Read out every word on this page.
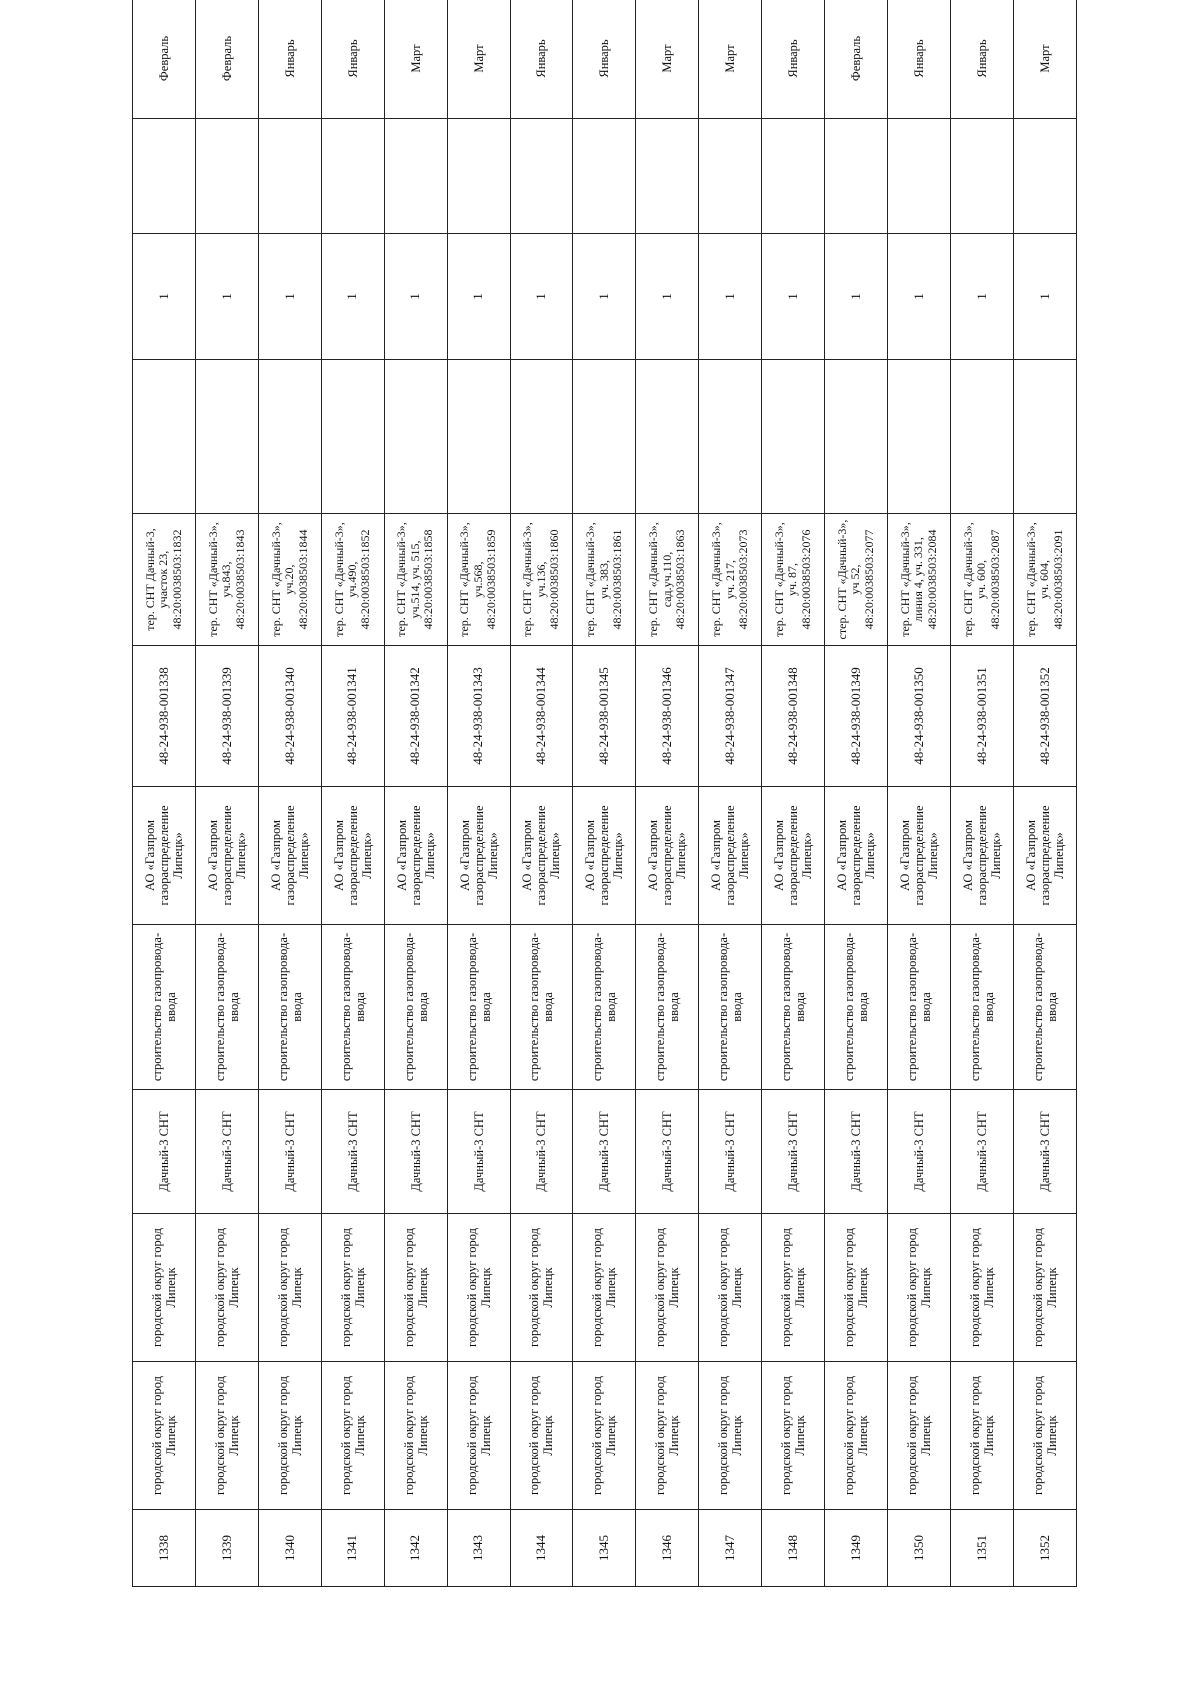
1338	городской округ город Липецк	городской округ город Липецк	Дачный-3 СНТ	строительство газопровода-ввода	АО «Газпром газораспределение Липецк»	48-24-938-001338	тер. СНТ Дачный-3, участок 23, 48:20:0038503:1832		1		Февраль	
1339	городской округ город Липецк	городской округ город Липецк	Дачный-3 СНТ	строительство газопровода-ввода	АО «Газпром газораспределение Липецк»	48-24-938-001339	тер. СНТ «Дачный-3», уч.843, 48:20:0038503:1843		1		Февраль	
1340	городской округ город Липецк	городской округ город Липецк	Дачный-3 СНТ	строительство газопровода-ввода	АО «Газпром газораспределение Липецк»	48-24-938-001340	тер. СНТ «Дачный-3», уч.20, 48:20:0038503:1844		1		Январь	
1341	городской округ город Липецк	городской округ город Липецк	Дачный-3 СНТ	строительство газопровода-ввода	АО «Газпром газораспределение Липецк»	48-24-938-001341	тер. СНТ «Дачный-3», уч.490, 48:20:0038503:1852		1		Январь	
1342	городской округ город Липецк	городской округ город Липецк	Дачный-3 СНТ	строительство газопровода-ввода	АО «Газпром газораспределение Липецк»	48-24-938-001342	тер. СНТ «Дачный-3», уч.514, уч. 515, 48:20:0038503:1858		1		Март	
1343	городской округ город Липецк	городской округ город Липецк	Дачный-3 СНТ	строительство газопровода-ввода	АО «Газпром газораспределение Липецк»	48-24-938-001343	тер. СНТ «Дачный-3», уч.568, 48:20:0038503:1859		1		Март	
1344	городской округ город Липецк	городской округ город Липецк	Дачный-3 СНТ	строительство газопровода-ввода	АО «Газпром газораспределение Липецк»	48-24-938-001344	тер. СНТ «Дачный-3», уч.136, 48:20:0038503:1860		1		Январь	
1345	городской округ город Липецк	городской округ город Липецк	Дачный-3 СНТ	строительство газопровода-ввода	АО «Газпром газораспределение Липецк»	48-24-938-001345	тер. СНТ «Дачный-3», уч. 383, 48:20:0038503:1861		1		Январь	
1346	городской округ город Липецк	городской округ город Липецк	Дачный-3 СНТ	строительство газопровода-ввода	АО «Газпром газораспределение Липецк»	48-24-938-001346	тер. СНТ «Дачный-3», сад.уч.110, 48:20:0038503:1863		1		Март	
1347	городской округ город Липецк	городской округ город Липецк	Дачный-3 СНТ	строительство газопровода-ввода	АО «Газпром газораспределение Липецк»	48-24-938-001347	тер. СНТ «Дачный-3», уч. 217, 48:20:0038503:2073		1		Март	
1348	городской округ город Липецк	городской округ город Липецк	Дачный-3 СНТ	строительство газопровода-ввода	АО «Газпром газораспределение Липецк»	48-24-938-001348	тер. СНТ «Дачный-3», уч. 87, 48:20:0038503:2076		1		Январь	
1349	городской округ город Липецк	городской округ город Липецк	Дачный-3 СНТ	строительство газопровода-ввода	АО «Газпром газораспределение Липецк»	48-24-938-001349	стер. СНТ «Дачный-3», уч 52, 48:20:0038503:2077		1		Февраль	
1350	городской округ город Липецк	городской округ город Липецк	Дачный-3 СНТ	строительство газопровода-ввода	АО «Газпром газораспределение Липецк»	48-24-938-001350	тер. СНТ «Дачный-3», линия 4, уч. 331, 48:20:0038503:2084		1		Январь	
1351	городской округ город Липецк	городской округ город Липецк	Дачный-3 СНТ	строительство газопровода-ввода	АО «Газпром газораспределение Липецк»	48-24-938-001351	тер. СНТ «Дачный-3», уч. 600, 48:20:0038503:2087		1		Январь	
1352	городской округ город Липецк	городской округ город Липецк	Дачный-3 СНТ	строительство газопровода-ввода	АО «Газпром газораспределение Липецк»	48-24-938-001352	тер. СНТ «Дачный-3», уч. 604, 48:20:0038503:2091		1		Март	
